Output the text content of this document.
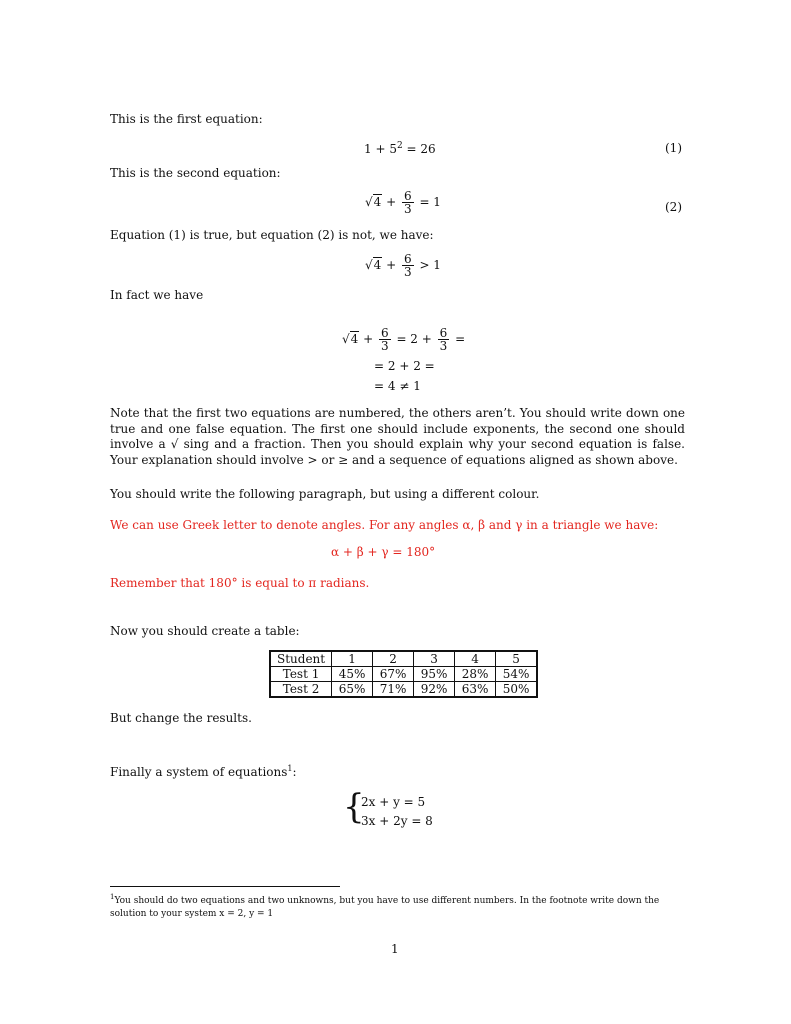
This is the first equation:
$1 + 5^2 = 26$	(1)
This is the second equation:
$√4 + \frac{6}{3} = 1$	(2)
Equation (1) is true, but equation (2) is not, we have:
$√4 + \frac{6}{3} > 1$
In fact we have
$√4 + \frac{6}{3} = 2 + \frac{6}{3}$ =
= 2 + 2 =
= 4 ≠ 1
Note that the first two equations are numbered, the others aren’t. You should write down one true and one false equation. The first one should include exponents, the second one should involve a √ sing and a fraction. Then you should explain why your second equation is false. Your explanation should involve > or ≥ and a sequence of equations aligned as shown above.
You should write the following paragraph, but using a different colour.
We can use Greek letter to denote angles. For any angles α, β and γ in a triangle we have:
α + β + γ = 180°
Remember that 180° is equal to π radians.
Now you should create a table:
Student	1	2	3	4	5
Test 1	45%	67%	95%	28%	54%
Test 2	65%	71%	92%	63%	50%
But change the results.
Finally a system of equations$^1$:
{
2x + y = 5
3x + 2y = 8
$^1$You should do two equations and two unknowns, but you have to use different numbers. In the footnote write down the solution to your system x = 2, y = 1
1
